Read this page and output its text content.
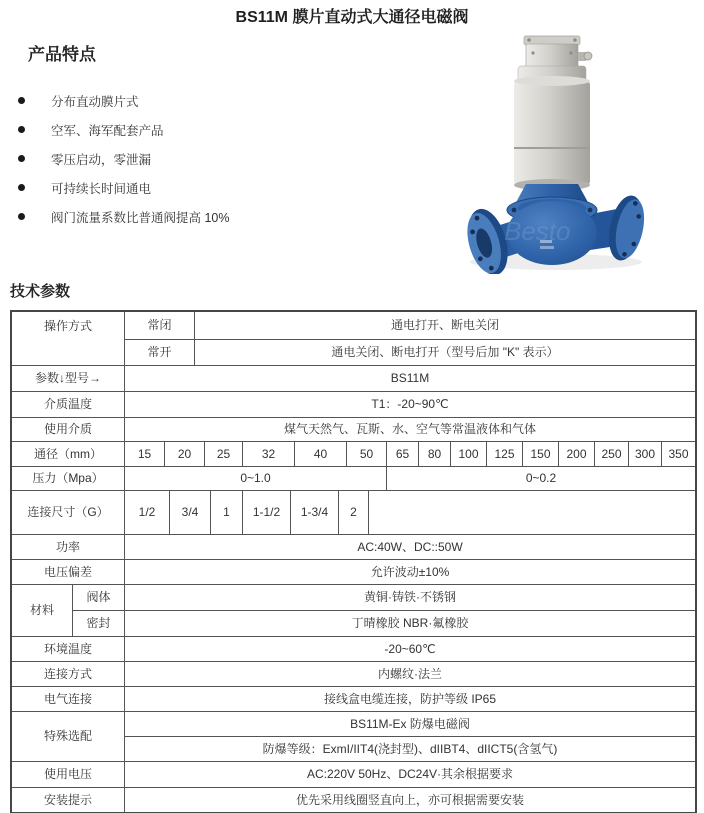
BS11M 膜片直动式大通径电磁阀
产品特点
分布直动膜片式
空军、海军配套产品
零压启动，零泄漏
可持续长时间通电
阀门流量系数比普通阀提高 10%	Besto
技术参数
操作方式	常闭	通电打开、断电关闭
常开	通电关闭、断电打开（型号后加 "K" 表示）
参数↓型号→	BS11M
介质温度	T1：-20~90℃
使用介质	煤气天然气、瓦斯、水、空气等常温液体和气体
通径（mm）	15	20	25	32	40	50	65	80	100	125	150	200	250	300	350
压力（Mpa）	0~1.0	0~0.2
连接尺寸（G）	1/2	3/4	1	1-1/2	1-3/4	2
功率	AC:40W、DC::50W
电压偏差	允许波动±10%
材料
阀体	黄铜·铸铁·不锈钢
密封	丁晴橡胶 NBR·氟橡胶
环境温度	-20~60℃
连接方式	内螺纹·法兰
电气连接	接线盒电缆连接，防护等级 IP65
特殊选配
BS11M-Ex 防爆电磁阀
防爆等级：ExmI/IIT4(浇封型)、dIIBT4、dIICT5(含氢气)
使用电压	AC:220V 50Hz、DC24V·其余根据要求
安装提示	优先采用线圈竖直向上，亦可根据需要安装
